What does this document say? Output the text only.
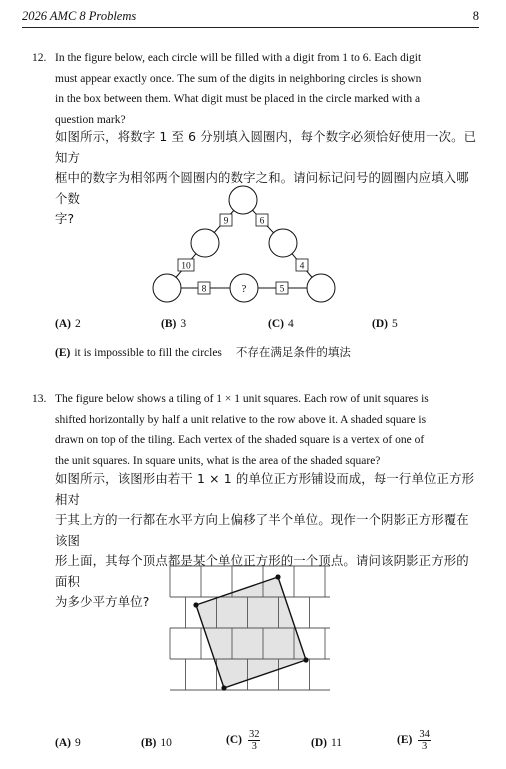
2026 AMC 8 Problems	8
12. In the figure below, each circle will be filled with a digit from 1 to 6. Each digit
must appear exactly once. The sum of the digits in neighboring circles is shown
in the box between them. What digit must be placed in the circle marked with a
question mark?
如图所示，将数字 1 至 6 分别填入圆圈内，每个数字必须恰好使用一次。已知方
框中的数字为相邻两个圆圈内的数字之和。请问标记问号的圆圈内应填入哪个数
字?	9	6
10	4
8	5
?
(A) 2	(B) 3	(C) 4	(D) 5
(E) it is impossible to fill the circles 不存在满足条件的填法
13. The figure below shows a tiling of 1 × 1 unit squares. Each row of unit squares is
shifted horizontally by half a unit relative to the row above it. A shaded square is
drawn on top of the tiling. Each vertex of the shaded square is a vertex of one of
the unit squares. In square units, what is the area of the shaded square?
如图所示，该图形由若干 1 × 1 的单位正方形铺设而成，每一行单位正方形相对
于其上方的一行都在水平方向上偏移了半个单位。现作一个阴影正方形覆在该图
形上面，其每个顶点都是某个单位正方形的一个顶点。请问该阴影正方形的面积
为多少平方单位?
(A) 9	(B) 10	$(C) \frac{32}{3}$	(D) 11	$(E) \frac{34}{3}$
